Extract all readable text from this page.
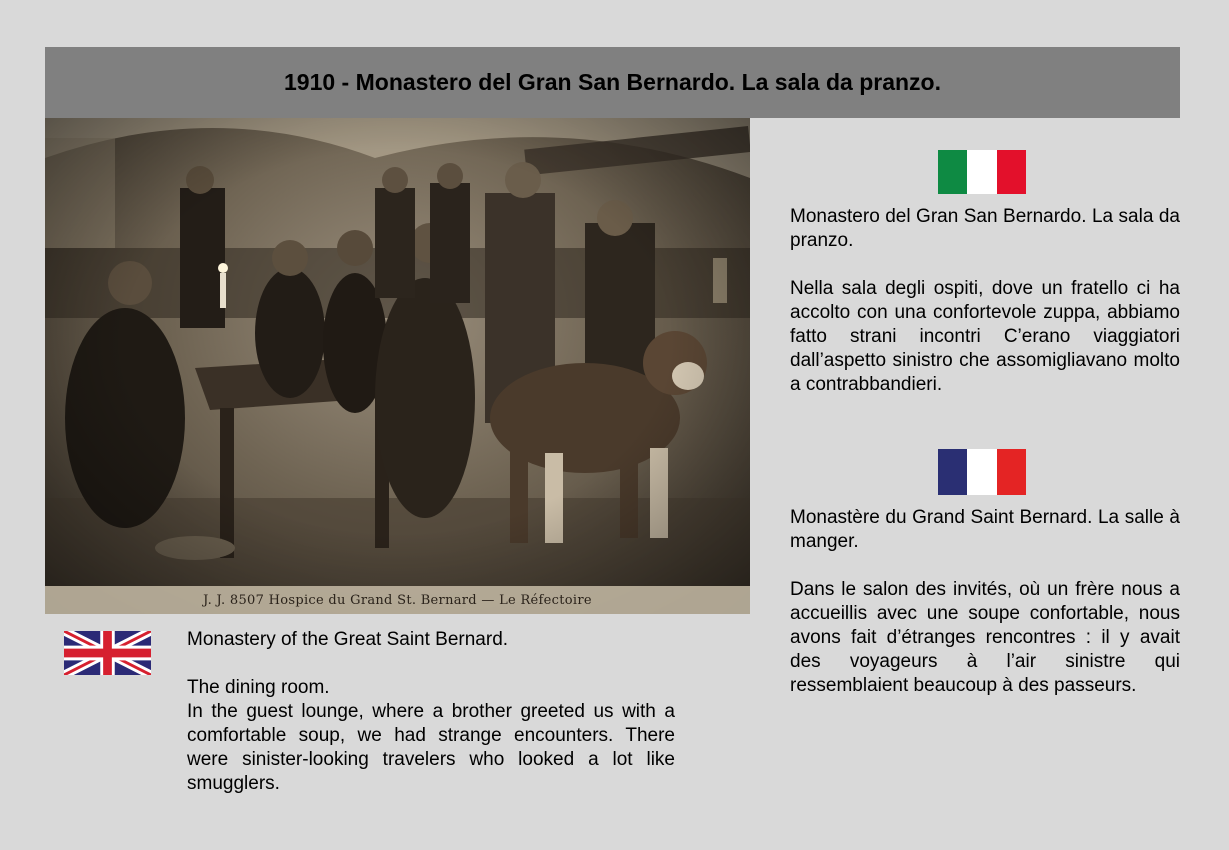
1910 - Monastero del Gran San Bernardo. La sala da pranzo.
J. J. 8507 Hospice du Grand St. Bernard — Le Réfectoire

Monastero del Gran San Bernardo. La sala da pranzo.

Nella sala degli ospiti, dove un fratello ci ha accolto con una confortevole zuppa, abbiamo fatto strani incontri C’erano viaggiatori dall’aspetto sinistro che assomigliavano molto a contrabbandieri.

Monastère du Grand Saint Bernard. La salle à manger.

Dans le salon des invités, où un frère nous a accueillis avec une soupe confortable, nous avons fait d’étranges rencontres : il y avait des voyageurs à l’air sinistre qui ressemblaient beaucoup à des passeurs.

Monastery of the Great Saint Bernard.

The dining room.

In the guest lounge, where a brother greeted us with a comfortable soup, we had strange encounters. There were sinister-looking travelers who looked a lot like smugglers.
